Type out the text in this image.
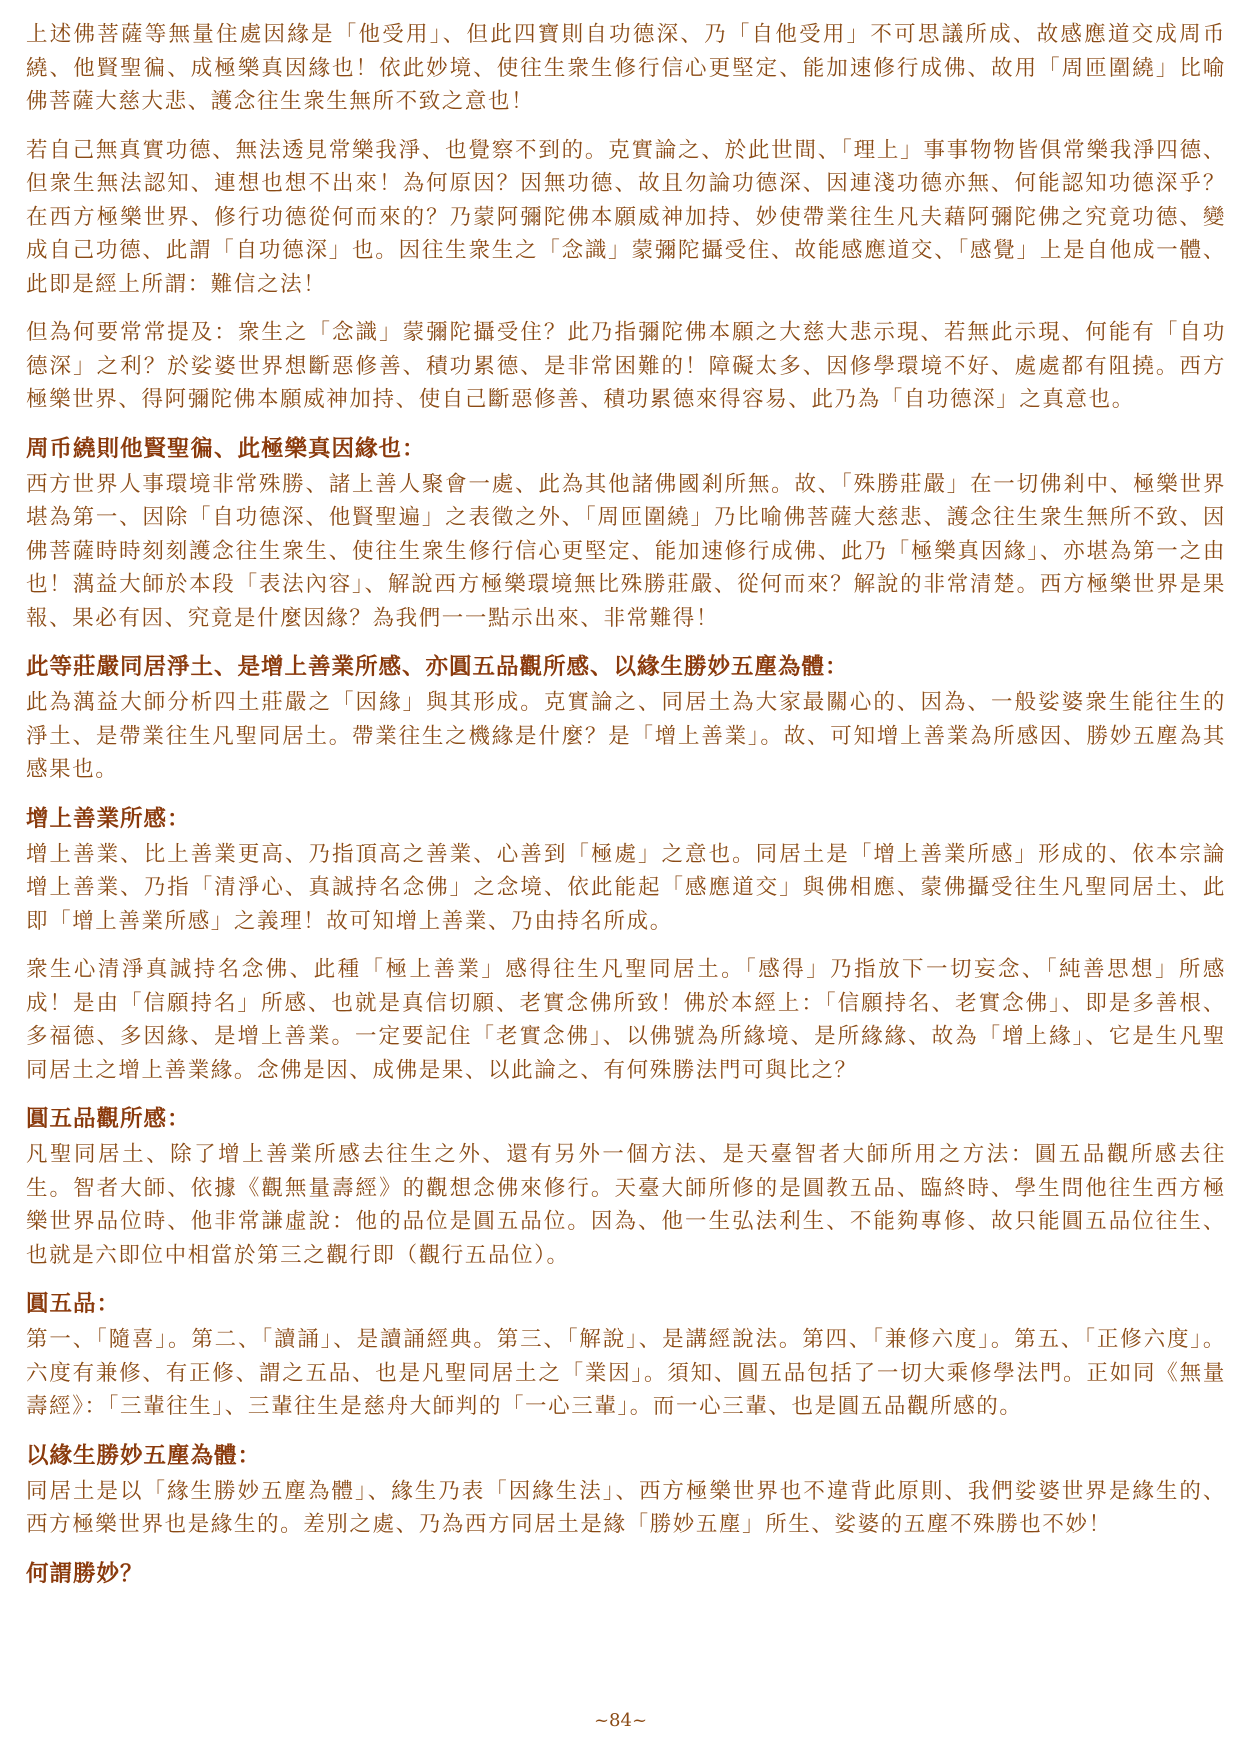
上述佛菩薩等無量住處因緣是「他受用」、但此四寶則自功德深、乃「自他受用」不可思議所成、故感應道交成周币繞、他賢聖徧、成極樂真因緣也！依此妙境、使往生衆生修行信心更堅定、能加速修行成佛、故用「周匝圍繞」比喻佛菩薩大慈大悲、護念往生衆生無所不致之意也！

若自己無真實功德、無法透見常樂我淨、也覺察不到的。克實論之、於此世間、「理上」事事物物皆俱常樂我淨四德、但衆生無法認知、連想也想不出來！為何原因？因無功德、故且勿論功德深、因連淺功德亦無、何能認知功德深乎？在西方極樂世界、修行功德從何而來的？乃蒙阿彌陀佛本願威神加持、妙使帶業往生凡夫藉阿彌陀佛之究竟功德、變成自己功德、此謂「自功德深」也。因往生衆生之「念識」蒙彌陀攝受住、故能感應道交、「感覺」上是自他成一體、此即是經上所謂：難信之法！

但為何要常常提及：衆生之「念識」蒙彌陀攝受住？此乃指彌陀佛本願之大慈大悲示現、若無此示現、何能有「自功德深」之利？於娑婆世界想斷惡修善、積功累德、是非常困難的！障礙太多、因修學環境不好、處處都有阻撓。西方極樂世界、得阿彌陀佛本願威神加持、使自己斷惡修善、積功累德來得容易、此乃為「自功德深」之真意也。

周币繞則他賢聖徧、此極樂真因緣也：

西方世界人事環境非常殊勝、諸上善人聚會一處、此為其他諸佛國剎所無。故、「殊勝莊嚴」在一切佛剎中、極樂世界堪為第一、因除「自功德深、他賢聖遍」之表徵之外、「周匝圍繞」乃比喻佛菩薩大慈悲、護念往生衆生無所不致、因佛菩薩時時刻刻護念往生衆生、使往生衆生修行信心更堅定、能加速修行成佛、此乃「極樂真因緣」、亦堪為第一之由也！蕅益大師於本段「表法內容」、解說西方極樂環境無比殊勝莊嚴、從何而來？解說的非常清楚。西方極樂世界是果報、果必有因、究竟是什麼因緣？為我們一一點示出來、非常難得！

此等莊嚴同居淨土、是增上善業所感、亦圓五品觀所感、以緣生勝妙五塵為體：

此為蕅益大師分析四土莊嚴之「因緣」與其形成。克實論之、同居土為大家最關心的、因為、一般娑婆衆生能往生的淨土、是帶業往生凡聖同居土。帶業往生之機緣是什麼？是「增上善業」。故、可知增上善業為所感因、勝妙五塵為其感果也。

增上善業所感：

增上善業、比上善業更高、乃指頂高之善業、心善到「極處」之意也。同居土是「增上善業所感」形成的、依本宗論增上善業、乃指「清淨心、真誠持名念佛」之念境、依此能起「感應道交」與佛相應、蒙佛攝受往生凡聖同居土、此即「增上善業所感」之義理！故可知增上善業、乃由持名所成。

衆生心清淨真誠持名念佛、此種「極上善業」感得往生凡聖同居土。「感得」乃指放下一切妄念、「純善思想」所感成！是由「信願持名」所感、也就是真信切願、老實念佛所致！佛於本經上：「信願持名、老實念佛」、即是多善根、多福德、多因緣、是增上善業。一定要記住「老實念佛」、以佛號為所緣境、是所緣緣、故為「增上緣」、它是生凡聖同居土之增上善業緣。念佛是因、成佛是果、以此論之、有何殊勝法門可與比之？

圓五品觀所感：

凡聖同居土、除了增上善業所感去往生之外、還有另外一個方法、是天臺智者大師所用之方法：圓五品觀所感去往生。智者大師、依據《觀無量壽經》的觀想念佛來修行。天臺大師所修的是圓教五品、臨終時、學生問他往生西方極樂世界品位時、他非常謙虛說：他的品位是圓五品位。因為、他一生弘法利生、不能夠專修、故只能圓五品位往生、也就是六即位中相當於第三之觀行即（觀行五品位）。

圓五品：

第一、「隨喜」。第二、「讀誦」、是讀誦經典。第三、「解說」、是講經說法。第四、「兼修六度」。第五、「正修六度」。六度有兼修、有正修、謂之五品、也是凡聖同居土之「業因」。須知、圓五品包括了一切大乘修學法門。正如同《無量壽經》：「三輩往生」、三輩往生是慈舟大師判的「一心三輩」。而一心三輩、也是圓五品觀所感的。

以緣生勝妙五塵為體：

同居土是以「緣生勝妙五塵為體」、緣生乃表「因緣生法」、西方極樂世界也不違背此原則、我們娑婆世界是緣生的、西方極樂世界也是緣生的。差別之處、乃為西方同居土是緣「勝妙五塵」所生、娑婆的五塵不殊勝也不妙！

何謂勝妙？
~84~
